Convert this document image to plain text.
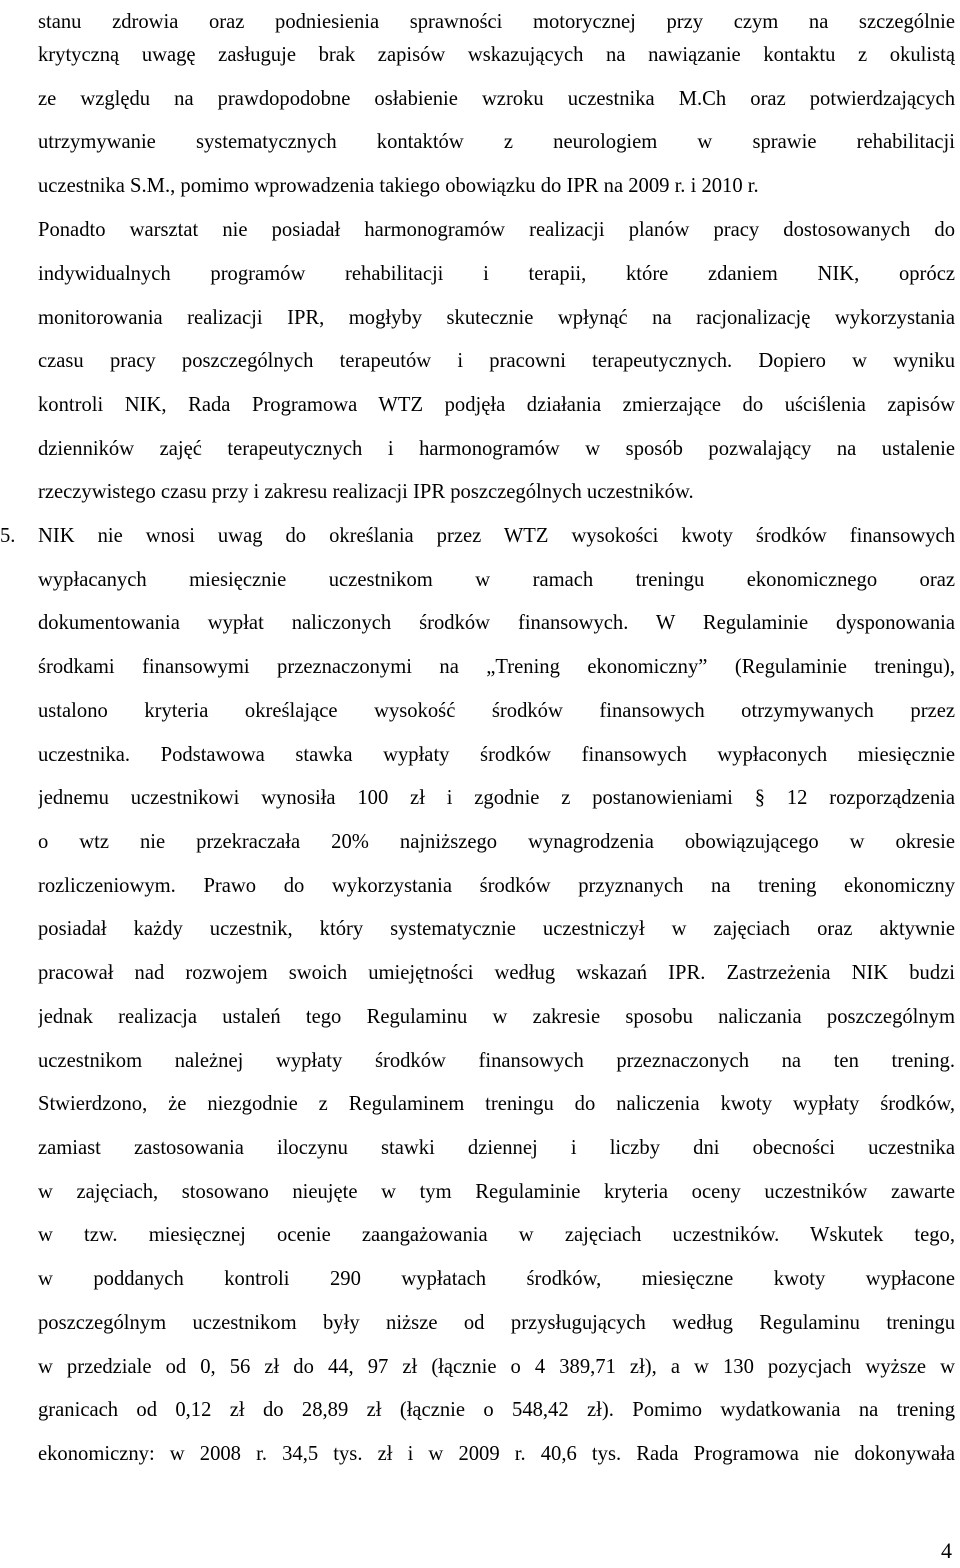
stanu zdrowia oraz podniesienia sprawności motorycznej przy czym na szczególnie
krytyczną uwagę zasługuje brak zapisów wskazujących na nawiązanie kontaktu z okulistą
ze względu na prawdopodobne osłabienie wzroku uczestnika M.Ch oraz potwierdzających
utrzymywanie systematycznych kontaktów z neurologiem w sprawie rehabilitacji
uczestnika S.M., pomimo wprowadzenia takiego obowiązku do IPR na 2009 r. i 2010 r.
Ponadto warsztat nie posiadał harmonogramów realizacji planów pracy dostosowanych do
indywidualnych programów rehabilitacji i terapii, które zdaniem NIK, oprócz
monitorowania realizacji IPR, mogłyby skutecznie wpłynąć na racjonalizację wykorzystania
czasu pracy poszczególnych terapeutów i pracowni terapeutycznych. Dopiero w wyniku
kontroli NIK, Rada Programowa WTZ podjęła działania zmierzające do uściślenia zapisów
dzienników zajęć terapeutycznych i harmonogramów w sposób pozwalający na ustalenie
rzeczywistego czasu przy i zakresu realizacji IPR poszczególnych uczestników.
5. NIK nie wnosi uwag do określania przez WTZ wysokości kwoty środków finansowych
wypłacanych miesięcznie uczestnikom w ramach treningu ekonomicznego oraz
dokumentowania wypłat naliczonych środków finansowych. W Regulaminie dysponowania
środkami finansowymi przeznaczonymi na „Trening ekonomiczny” (Regulaminie treningu),
ustalono kryteria określające wysokość środków finansowych otrzymywanych przez
uczestnika. Podstawowa stawka wypłaty środków finansowych wypłaconych miesięcznie
jednemu uczestnikowi wynosiła 100 zł i zgodnie z postanowieniami § 12 rozporządzenia
o wtz nie przekraczała 20% najniższego wynagrodzenia obowiązującego w okresie
rozliczeniowym. Prawo do wykorzystania środków przyznanych na trening ekonomiczny
posiadał każdy uczestnik, który systematycznie uczestniczył w zajęciach oraz aktywnie
pracował nad rozwojem swoich umiejętności według wskazań IPR. Zastrzeżenia NIK budzi
jednak realizacja ustaleń tego Regulaminu w zakresie sposobu naliczania poszczególnym
uczestnikom należnej wypłaty środków finansowych przeznaczonych na ten trening.
Stwierdzono, że niezgodnie z Regulaminem treningu do naliczenia kwoty wypłaty środków,
zamiast zastosowania iloczynu stawki dziennej i liczby dni obecności uczestnika
w zajęciach, stosowano nieujęte w tym Regulaminie kryteria oceny uczestników zawarte
w tzw. miesięcznej ocenie zaangażowania w zajęciach uczestników. Wskutek tego,
w poddanych kontroli 290 wypłatach środków, miesięczne kwoty wypłacone
poszczególnym uczestnikom były niższe od przysługujących według Regulaminu treningu
w przedziale od 0, 56 zł do 44, 97 zł (łącznie o 4 389,71 zł), a w 130 pozycjach wyższe w
granicach od 0,12 zł do 28,89 zł (łącznie o 548,42 zł). Pomimo wydatkowania na trening
ekonomiczny: w 2008 r. 34,5 tys. zł i w 2009 r. 40,6 tys. Rada Programowa nie dokonywała
4
